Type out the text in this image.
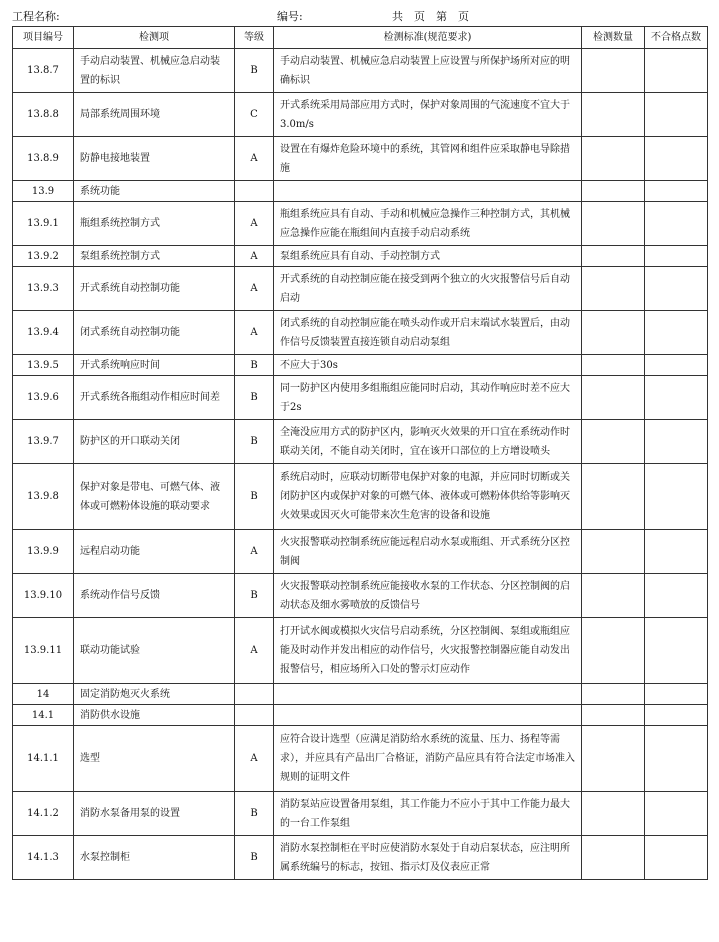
工程名称:	编号:	共　页　第　页
项目编号	检测项	等级	检测标准(规范要求)	检测数量	不合格点数
13.8.7	手动启动装置、机械应急启动装置的标识	B	手动启动装置、机械应急启动装置上应设置与所保护场所对应的明确标识		
13.8.8	局部系统周围环境	C	开式系统采用局部应用方式时，保护对象周围的气流速度不宜大于3.0m/s		
13.8.9	防静电接地装置	A	设置在有爆炸危险环境中的系统，其管网和组件应采取静电导除措施		
13.9	系统功能				
13.9.1	瓶组系统控制方式	A	瓶组系统应具有自动、手动和机械应急操作三种控制方式，其机械应急操作应能在瓶组间内直接手动启动系统		
13.9.2	泵组系统控制方式	A	泵组系统应具有自动、手动控制方式		
13.9.3	开式系统自动控制功能	A	开式系统的自动控制应能在接受到两个独立的火灾报警信号后自动启动		
13.9.4	闭式系统自动控制功能	A	闭式系统的自动控制应能在喷头动作或开启末端试水装置后，由动作信号反馈装置直接连锁自动启动泵组		
13.9.5	开式系统响应时间	B	不应大于30s		
13.9.6	开式系统各瓶组动作相应时间差	B	同一防护区内使用多组瓶组应能同时启动，其动作响应时差不应大于2s		
13.9.7	防护区的开口联动关闭	B	全淹没应用方式的防护区内，影响灭火效果的开口宜在系统动作时联动关闭，不能自动关闭时，宜在该开口部位的上方增设喷头		
13.9.8	保护对象是带电、可燃气体、液体或可燃粉体设施的联动要求	B	系统启动时，应联动切断带电保护对象的电源，并应同时切断或关闭防护区内或保护对象的可燃气体、液体或可燃粉体供给等影响灭火效果或因灭火可能带来次生危害的设备和设施		
13.9.9	远程启动功能	A	火灾报警联动控制系统应能远程启动水泵或瓶组、开式系统分区控制阀		
13.9.10	系统动作信号反馈	B	火灾报警联动控制系统应能接收水泵的工作状态、分区控制阀的启动状态及细水雾喷放的反馈信号		
13.9.11	联动功能试验	A	打开试水阀或模拟火灾信号启动系统，分区控制阀、泵组或瓶组应能及时动作并发出相应的动作信号，火灾报警控制器应能自动发出报警信号，相应场所入口处的警示灯应动作		
14	固定消防炮灭火系统				
14.1	消防供水设施				
14.1.1	选型	A	应符合设计选型（应满足消防给水系统的流量、压力、扬程等需求），并应具有产品出厂合格证，消防产品应具有符合法定市场准入规则的证明文件		
14.1.2	消防水泵备用泵的设置	B	消防泵站应设置备用泵组，其工作能力不应小于其中工作能力最大的一台工作泵组		
14.1.3	水泵控制柜	B	消防水泵控制柜在平时应使消防水泵处于自动启泵状态，应注明所属系统编号的标志，按钮、指示灯及仪表应正常		
